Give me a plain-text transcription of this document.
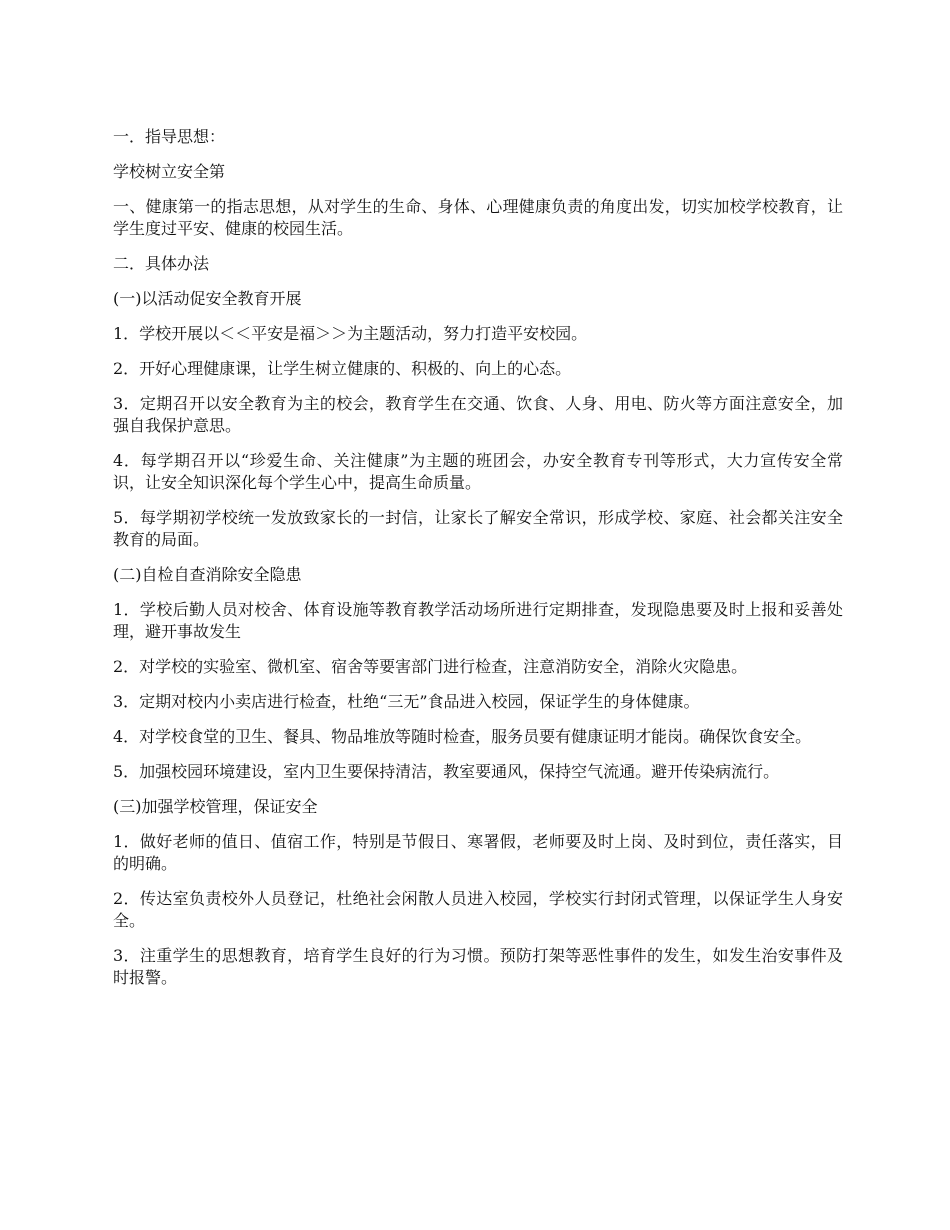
一．指导思想：

学校树立安全第

一、健康第一的指志思想，从对学生的生命、身体、心理健康负责的角度出发，切实加校学校教育，让学生度过平安、健康的校园生活。

二．具体办法

(一)以活动促安全教育开展

1．学校开展以＜＜平安是福＞＞为主题活动，努力打造平安校园。

2．开好心理健康课，让学生树立健康的、积极的、向上的心态。

3．定期召开以安全教育为主的校会，教育学生在交通、饮食、人身、用电、防火等方面注意安全，加强自我保护意思。

4．每学期召开以“珍爱生命、关注健康”为主题的班团会，办安全教育专刊等形式，大力宣传安全常识，让安全知识深化每个学生心中，提高生命质量。

5．每学期初学校统一发放致家长的一封信，让家长了解安全常识，形成学校、家庭、社会都关注安全教育的局面。

(二)自检自查消除安全隐患

1．学校后勤人员对校舍、体育设施等教育教学活动场所进行定期排查，发现隐患要及时上报和妥善处理，避开事故发生

2．对学校的实验室、微机室、宿舍等要害部门进行检查，注意消防安全，消除火灾隐患。

3．定期对校内小卖店进行检查，杜绝“三无”食品进入校园，保证学生的身体健康。

4．对学校食堂的卫生、餐具、物品堆放等随时检查，服务员要有健康证明才能岗。确保饮食安全。

5．加强校园环境建设，室内卫生要保持清洁，教室要通风，保持空气流通。避开传染病流行。

(三)加强学校管理，保证安全

1．做好老师的值日、值宿工作，特别是节假日、寒署假，老师要及时上岗、及时到位，责任落实，目的明确。

2．传达室负责校外人员登记，杜绝社会闲散人员进入校园，学校实行封闭式管理，以保证学生人身安全。

3．注重学生的思想教育，培育学生良好的行为习惯。预防打架等恶性事件的发生，如发生治安事件及时报警。
